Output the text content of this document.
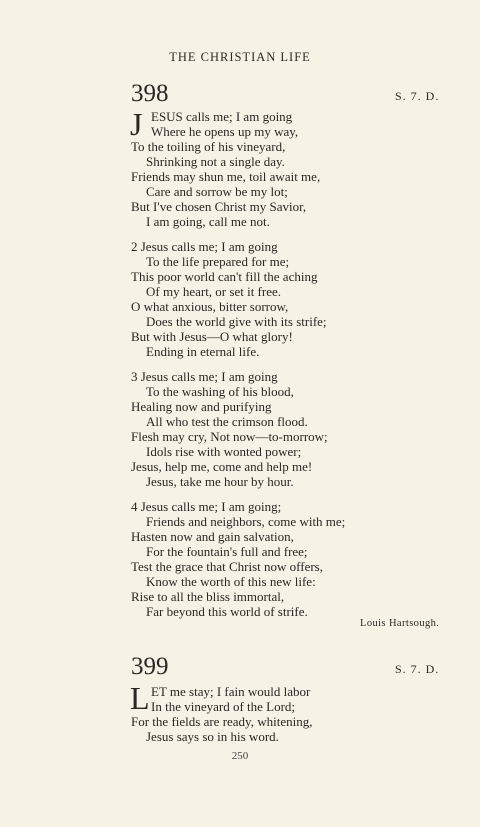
THE CHRISTIAN LIFE
398	S. 7. D.
J ESUS calls me; I am going
Where he opens up my way,
To the toiling of his vineyard,
Shrinking not a single day.
Friends may shun me, toil await me,
Care and sorrow be my lot;
But I've chosen Christ my Savior,
I am going, call me not.
2 Jesus calls me; I am going
To the life prepared for me;
This poor world can't fill the aching
Of my heart, or set it free.
O what anxious, bitter sorrow,
Does the world give with its strife;
But with Jesus—O what glory!
Ending in eternal life.
3 Jesus calls me; I am going
To the washing of his blood,
Healing now and purifying
All who test the crimson flood.
Flesh may cry, Not now—to-morrow;
Idols rise with wonted power;
Jesus, help me, come and help me!
Jesus, take me hour by hour.
4 Jesus calls me; I am going;
Friends and neighbors, come with me;
Hasten now and gain salvation,
For the fountain's full and free;
Test the grace that Christ now offers,
Know the worth of this new life:
Rise to all the bliss immortal,
Far beyond this world of strife.
Louis Hartsough.
399	S. 7. D.
L ET me stay; I fain would labor
In the vineyard of the Lord;
For the fields are ready, whitening,
Jesus says so in his word.
250
